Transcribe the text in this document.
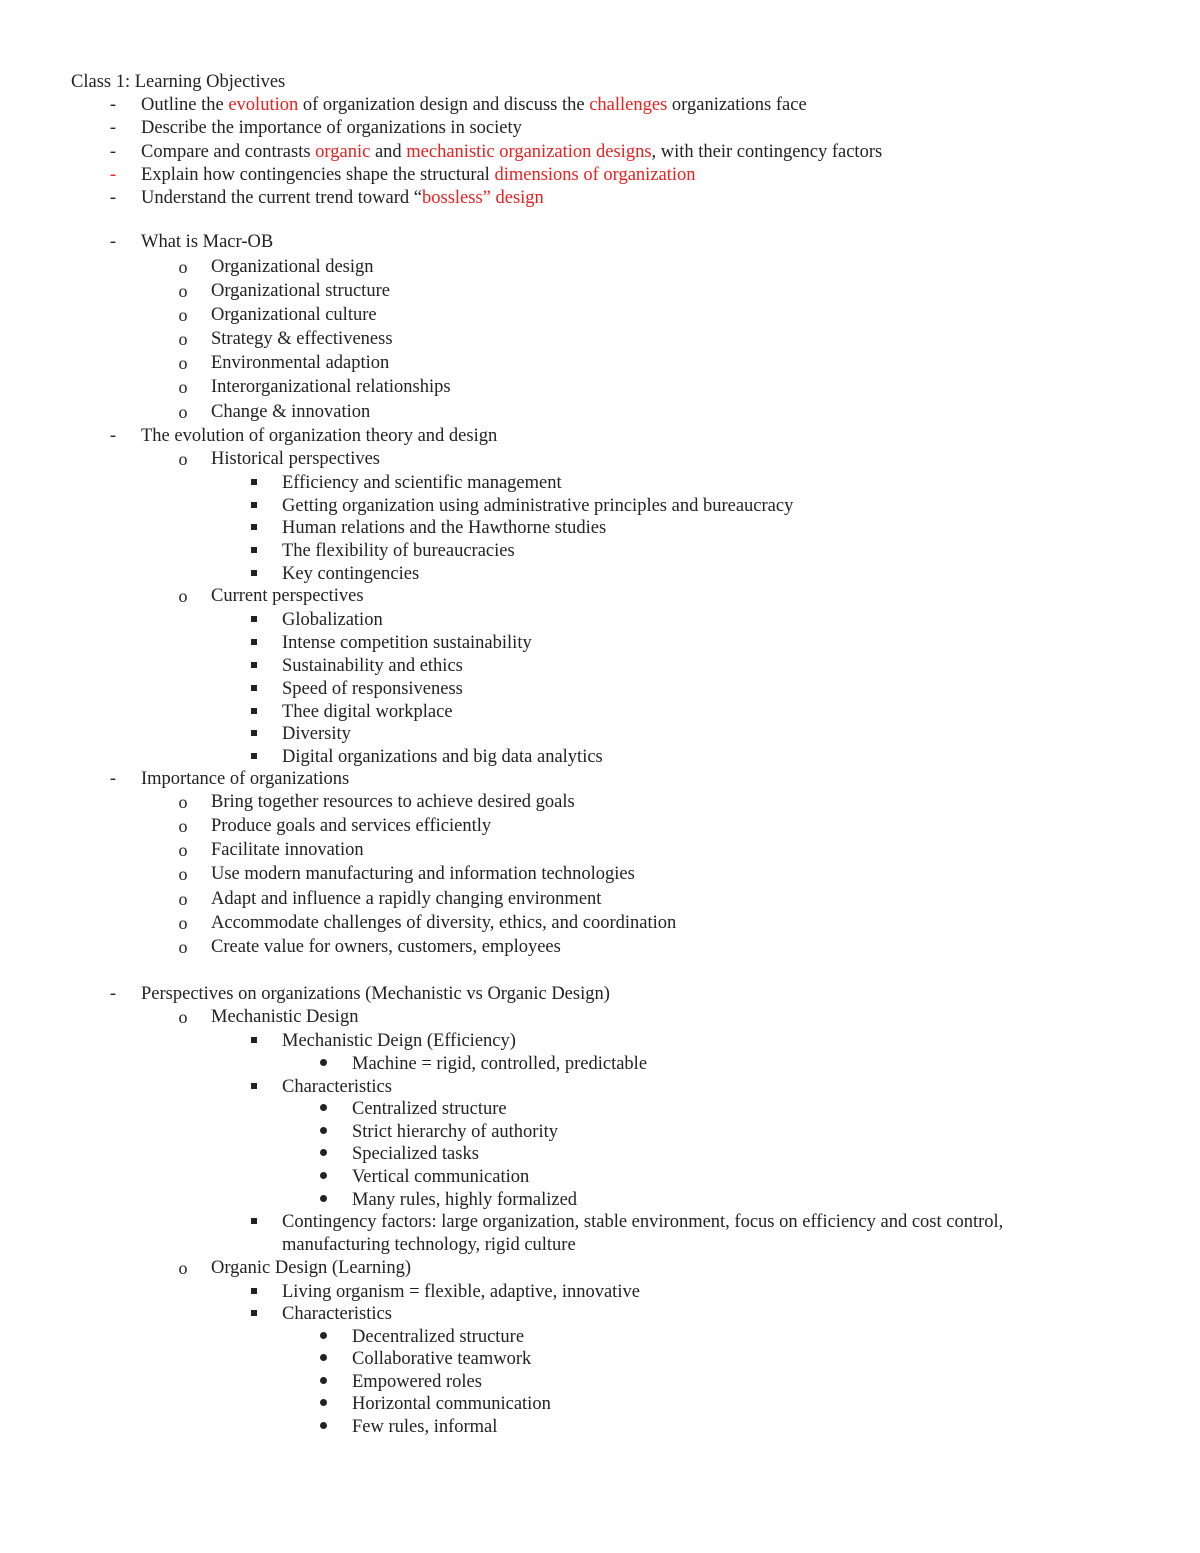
Class 1: Learning Objectives
- Outline the evolution of organization design and discuss the challenges organizations face
- Describe the importance of organizations in society
- Compare and contrasts organic and mechanistic organization designs, with their contingency factors
- Explain how contingencies shape the structural dimensions of organization
- Understand the current trend toward “bossless” design
- What is Macr-OB
o Organizational design
o Organizational structure
o Organizational culture
o Strategy & effectiveness
o Environmental adaption
o Interorganizational relationships
o Change & innovation
- The evolution of organization theory and design
o Historical perspectives
Efficiency and scientific management
Getting organization using administrative principles and bureaucracy
Human relations and the Hawthorne studies
The flexibility of bureaucracies
Key contingencies
o Current perspectives
Globalization
Intense competition sustainability
Sustainability and ethics
Speed of responsiveness
Thee digital workplace
Diversity
Digital organizations and big data analytics
- Importance of organizations
o Bring together resources to achieve desired goals
o Produce goals and services efficiently
o Facilitate innovation
o Use modern manufacturing and information technologies
o Adapt and influence a rapidly changing environment
o Accommodate challenges of diversity, ethics, and coordination
o Create value for owners, customers, employees
- Perspectives on organizations (Mechanistic vs Organic Design)
o Mechanistic Design
Mechanistic Deign (Efficiency)
Machine = rigid, controlled, predictable
Characteristics
Centralized structure
Strict hierarchy of authority
Specialized tasks
Vertical communication
Many rules, highly formalized
Contingency factors: large organization, stable environment, focus on efficiency and cost control,
manufacturing technology, rigid culture
o Organic Design (Learning)
Living organism = flexible, adaptive, innovative
Characteristics
Decentralized structure
Collaborative teamwork
Empowered roles
Horizontal communication
Few rules, informal
